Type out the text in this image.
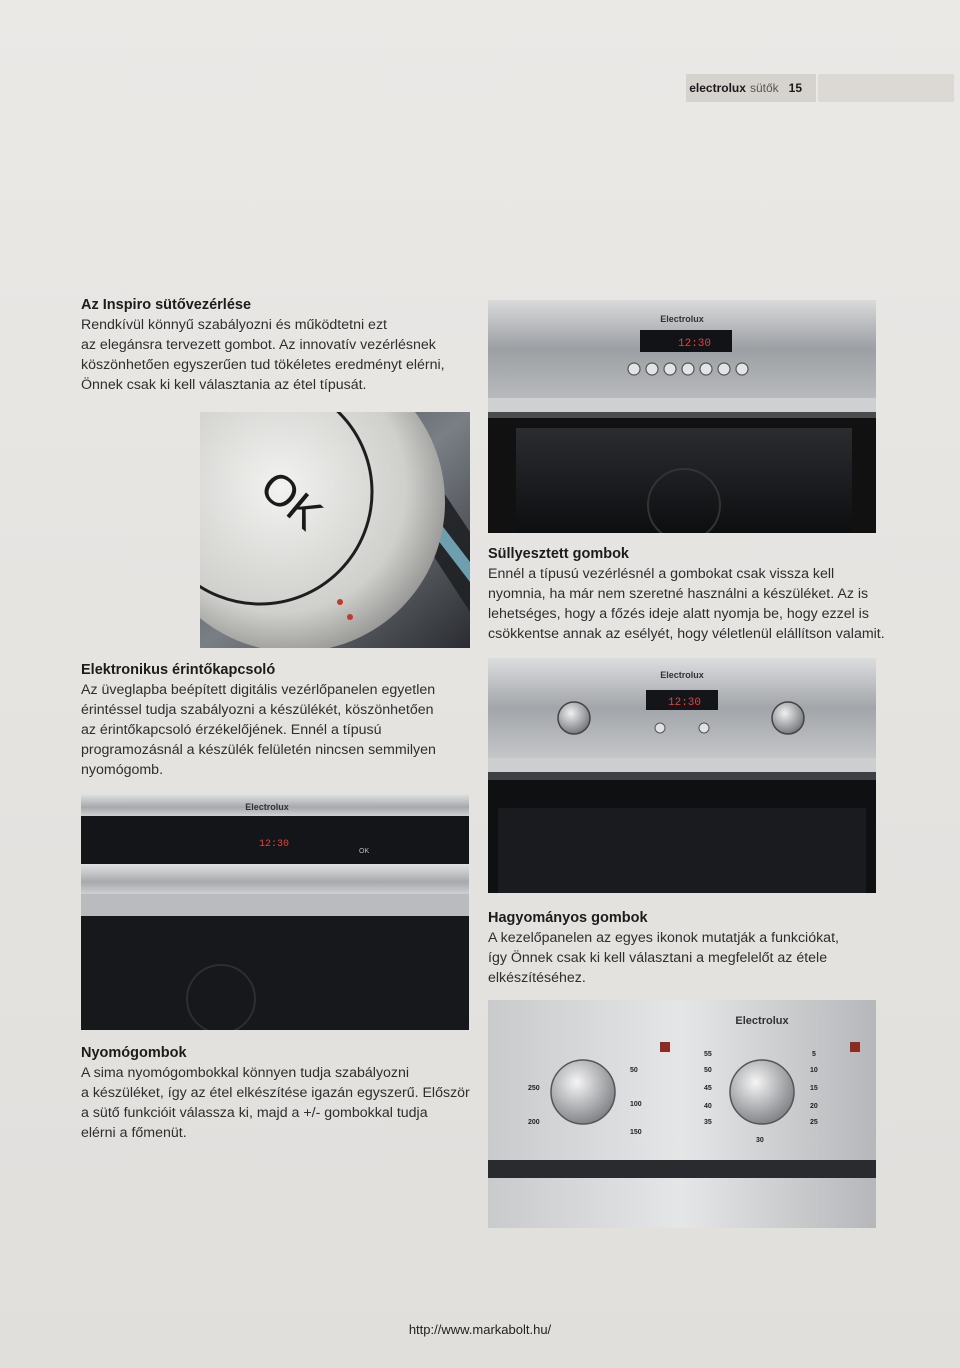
electrolux sütők 15
Az Inspiro sütővezérlése

Rendkívül könnyű szabályozni és működtetni ezt

az elegánsra tervezett gombot. Az innovatív vezérlésnek

köszönhetően egyszerűen tud tökéletes eredményt elérni,

Önnek csak ki kell választania az étel típusát.

OK
Electrolux
12:30
Süllyesztett gombok

Ennél a típusú vezérlésnél a gombokat csak vissza kell

nyomnia, ha már nem szeretné használni a készüléket. Az is

lehetséges, hogy a főzés ideje alatt nyomja be, hogy ezzel is

csökkentse annak az esélyét, hogy véletlenül elállítson valamit.

Elektronikus érintőkapcsoló

Az üveglapba beépített digitális vezérlőpanelen egyetlen

érintéssel tudja szabályozni a készülékét, köszönhetően

az érintőkapcsoló érzékelőjének. Ennél a típusú

programozásnál a készülék felületén nincsen semmilyen

nyomógomb.

Electrolux
12:30
Electrolux
12:30
OK
Hagyományos gombok

A kezelőpanelen az egyes ikonok mutatják a funkciókat,

így Önnek csak ki kell választani a megfelelőt az étele

elkészítéséhez.

Electrolux
50
100
150
200
250
55
50
45
40
35
5
10
15
20
25
30
Nyomógombok

A sima nyomógombokkal könnyen tudja szabályozni

a készüléket, így az étel elkészítése igazán egyszerű. Először

a sütő funkcióit válassza ki, majd a +/- gombokkal tudja

elérni a főmenüt.

http://www.markabolt.hu/
